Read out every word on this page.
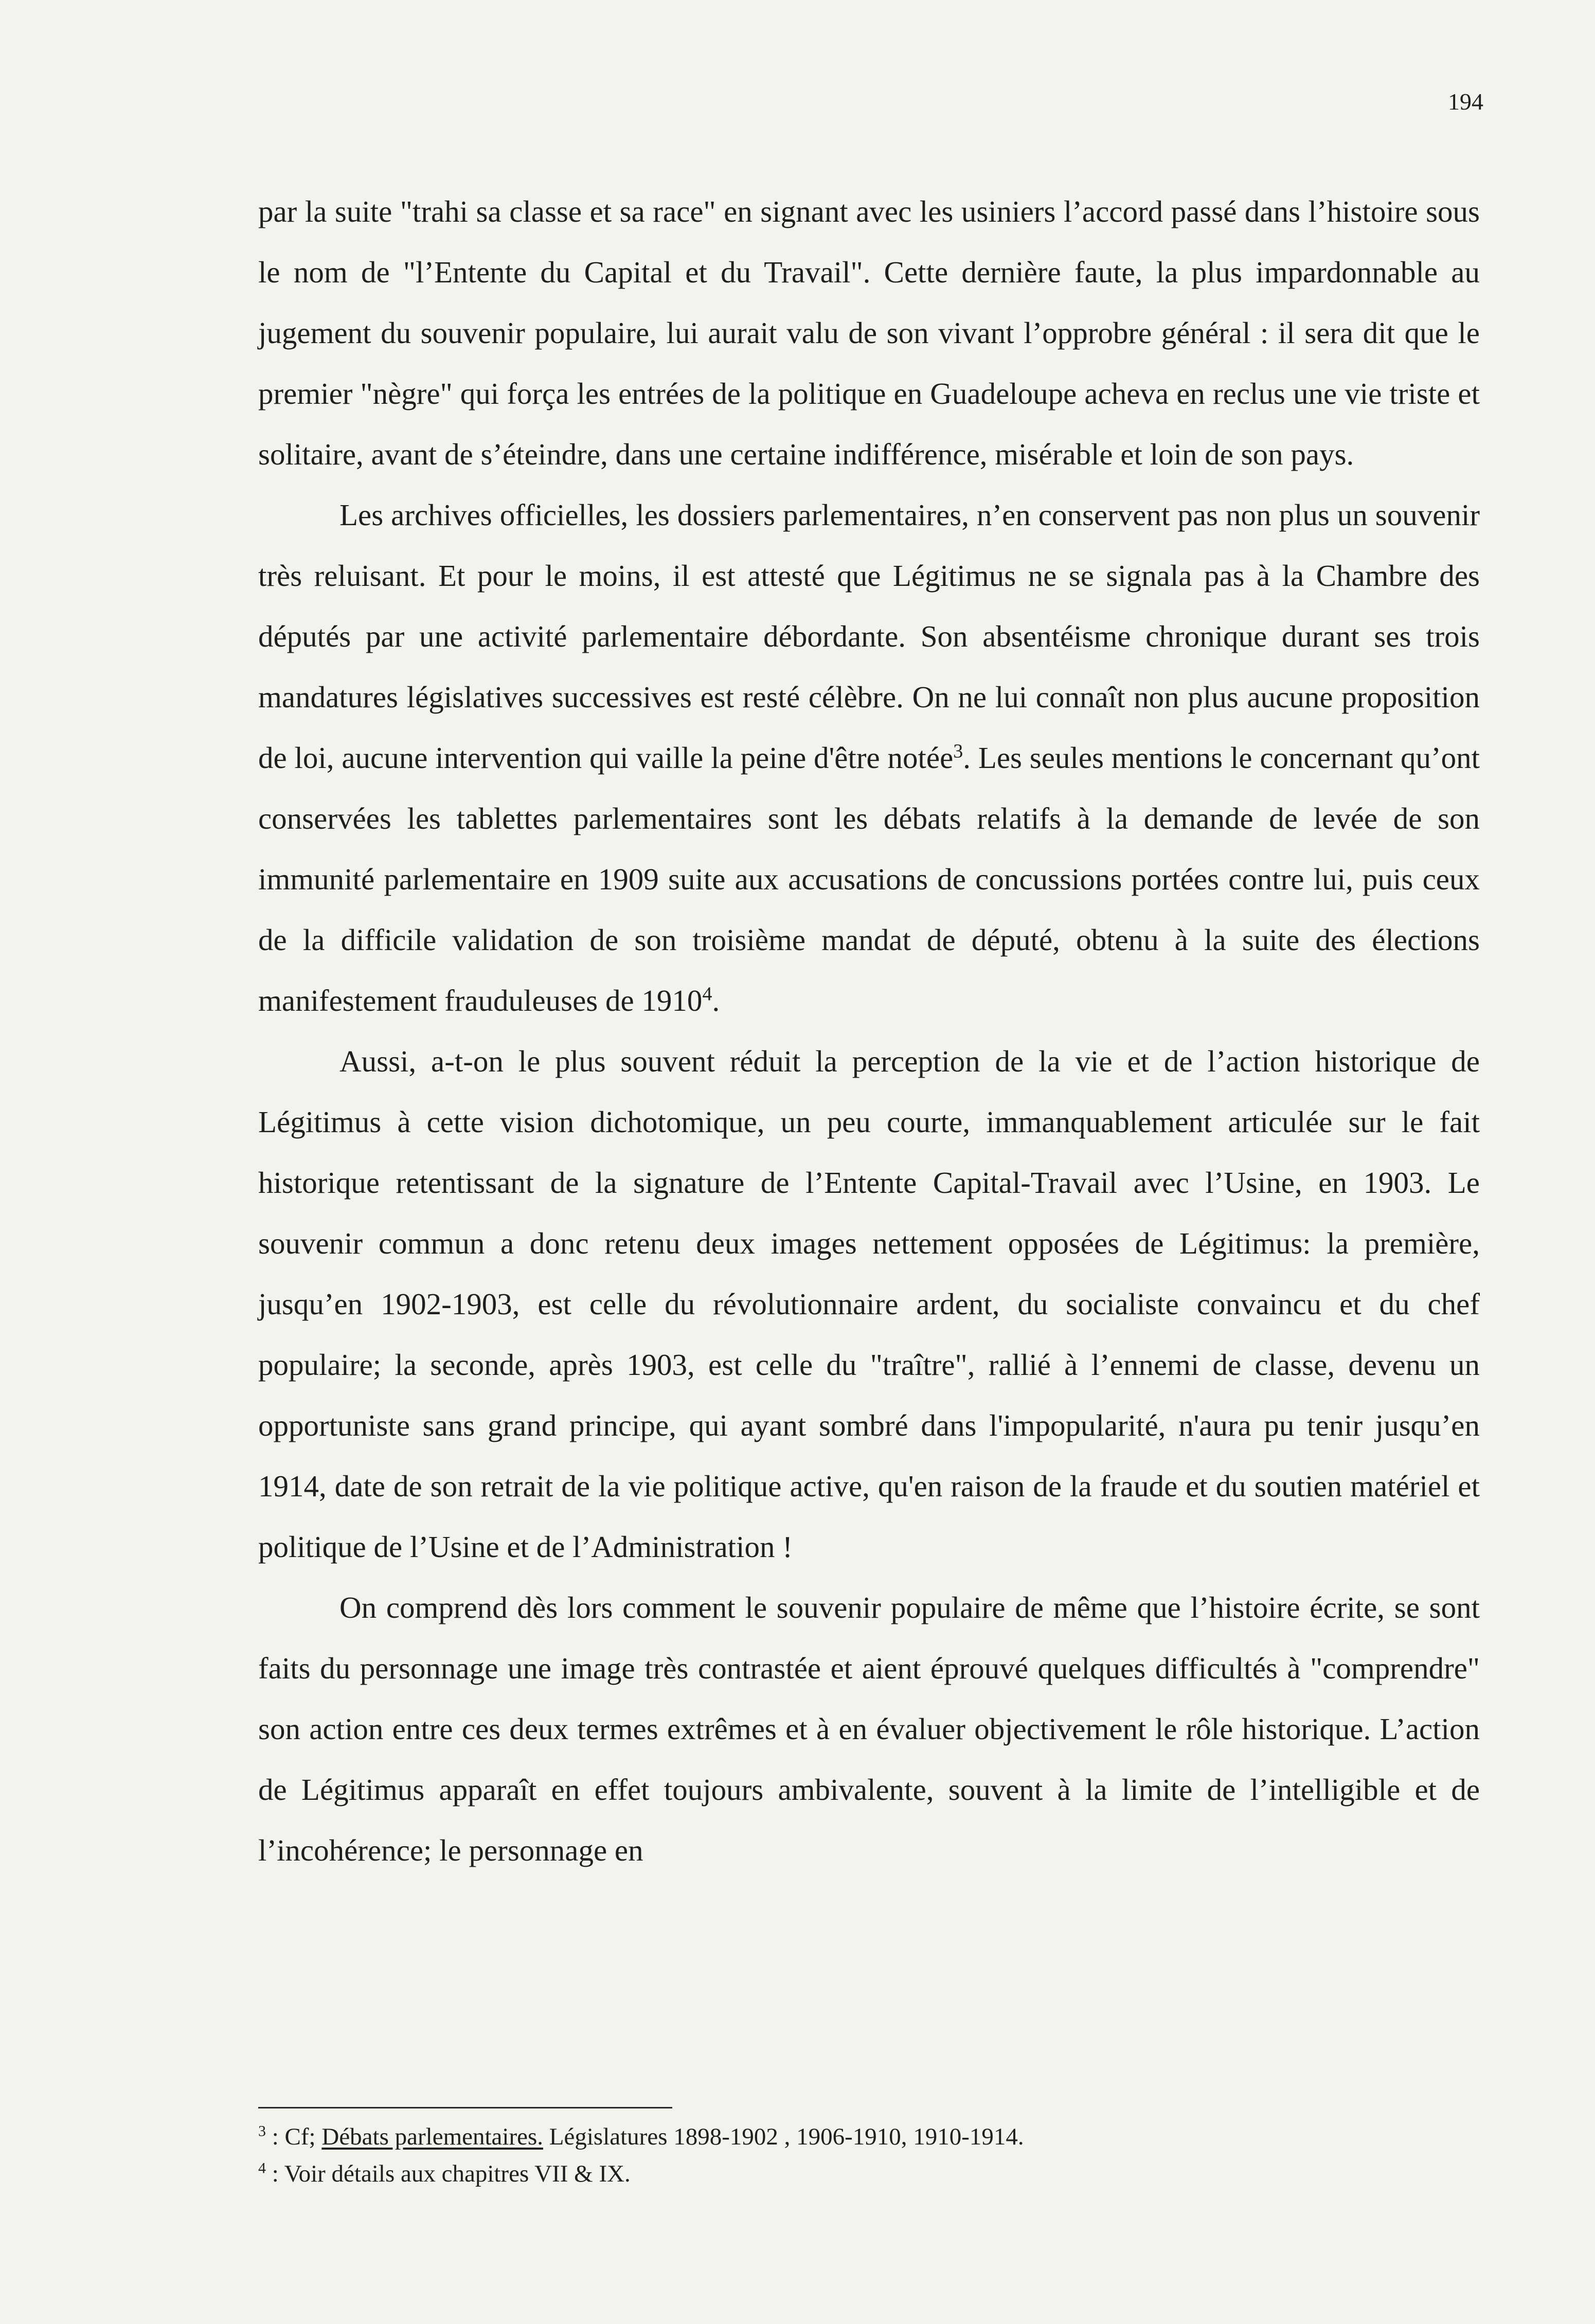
194

par la suite "trahi sa classe et sa race" en signant avec les usiniers l’accord passé dans l’histoire sous le nom de "l’Entente du Capital et du Travail". Cette dernière faute, la plus impardonnable au jugement du souvenir populaire, lui aurait valu de son vivant l’opprobre général : il sera dit que le premier "nègre" qui força les entrées de la politique en Guadeloupe acheva en reclus une vie triste et solitaire, avant de s’éteindre, dans une certaine indifférence, misérable et loin de son pays.

Les archives officielles, les dossiers parlementaires, n’en conservent pas non plus un souvenir très reluisant. Et pour le moins, il est attesté que Légitimus ne se signala pas à la Chambre des députés par une activité parlementaire débordante. Son absentéisme chronique durant ses trois mandatures législatives successives est resté célèbre. On ne lui connaît non plus aucune proposition de loi, aucune intervention qui vaille la peine d'être notée$^3$. Les seules mentions le concernant qu’ont conservées les tablettes parlementaires sont les débats relatifs à la demande de levée de son immunité parlementaire en 1909 suite aux accusations de concussions portées contre lui, puis ceux de la difficile validation de son troisième mandat de député, obtenu à la suite des élections manifestement frauduleuses de 1910$^4$.

Aussi, a-t-on le plus souvent réduit la perception de la vie et de l’action historique de Légitimus à cette vision dichotomique, un peu courte, immanquablement articulée sur le fait historique retentissant de la signature de l’Entente Capital-Travail avec l’Usine, en 1903. Le souvenir commun a donc retenu deux images nettement opposées de Légitimus: la première, jusqu’en 1902-1903, est celle du révolutionnaire ardent, du socialiste convaincu et du chef populaire; la seconde, après 1903, est celle du "traître", rallié à l’ennemi de classe, devenu un opportuniste sans grand principe, qui ayant sombré dans l'impopularité, n'aura pu tenir jusqu’en 1914, date de son retrait de la vie politique active, qu'en raison de la fraude et du soutien matériel et politique de l’Usine et de l’Administration !

On comprend dès lors comment le souvenir populaire de même que l’histoire écrite, se sont faits du personnage une image très contrastée et aient éprouvé quelques difficultés à "comprendre" son action entre ces deux termes extrêmes et à en évaluer objectivement le rôle historique. L’action de Légitimus apparaît en effet toujours ambivalente, souvent à la limite de l’intelligible et de l’incohérence; le personnage en

$^3$ : Cf; Débats parlementaires. Législatures 1898-1902 , 1906-1910, 1910-1914.
$^4$ : Voir détails aux chapitres VII & IX.
